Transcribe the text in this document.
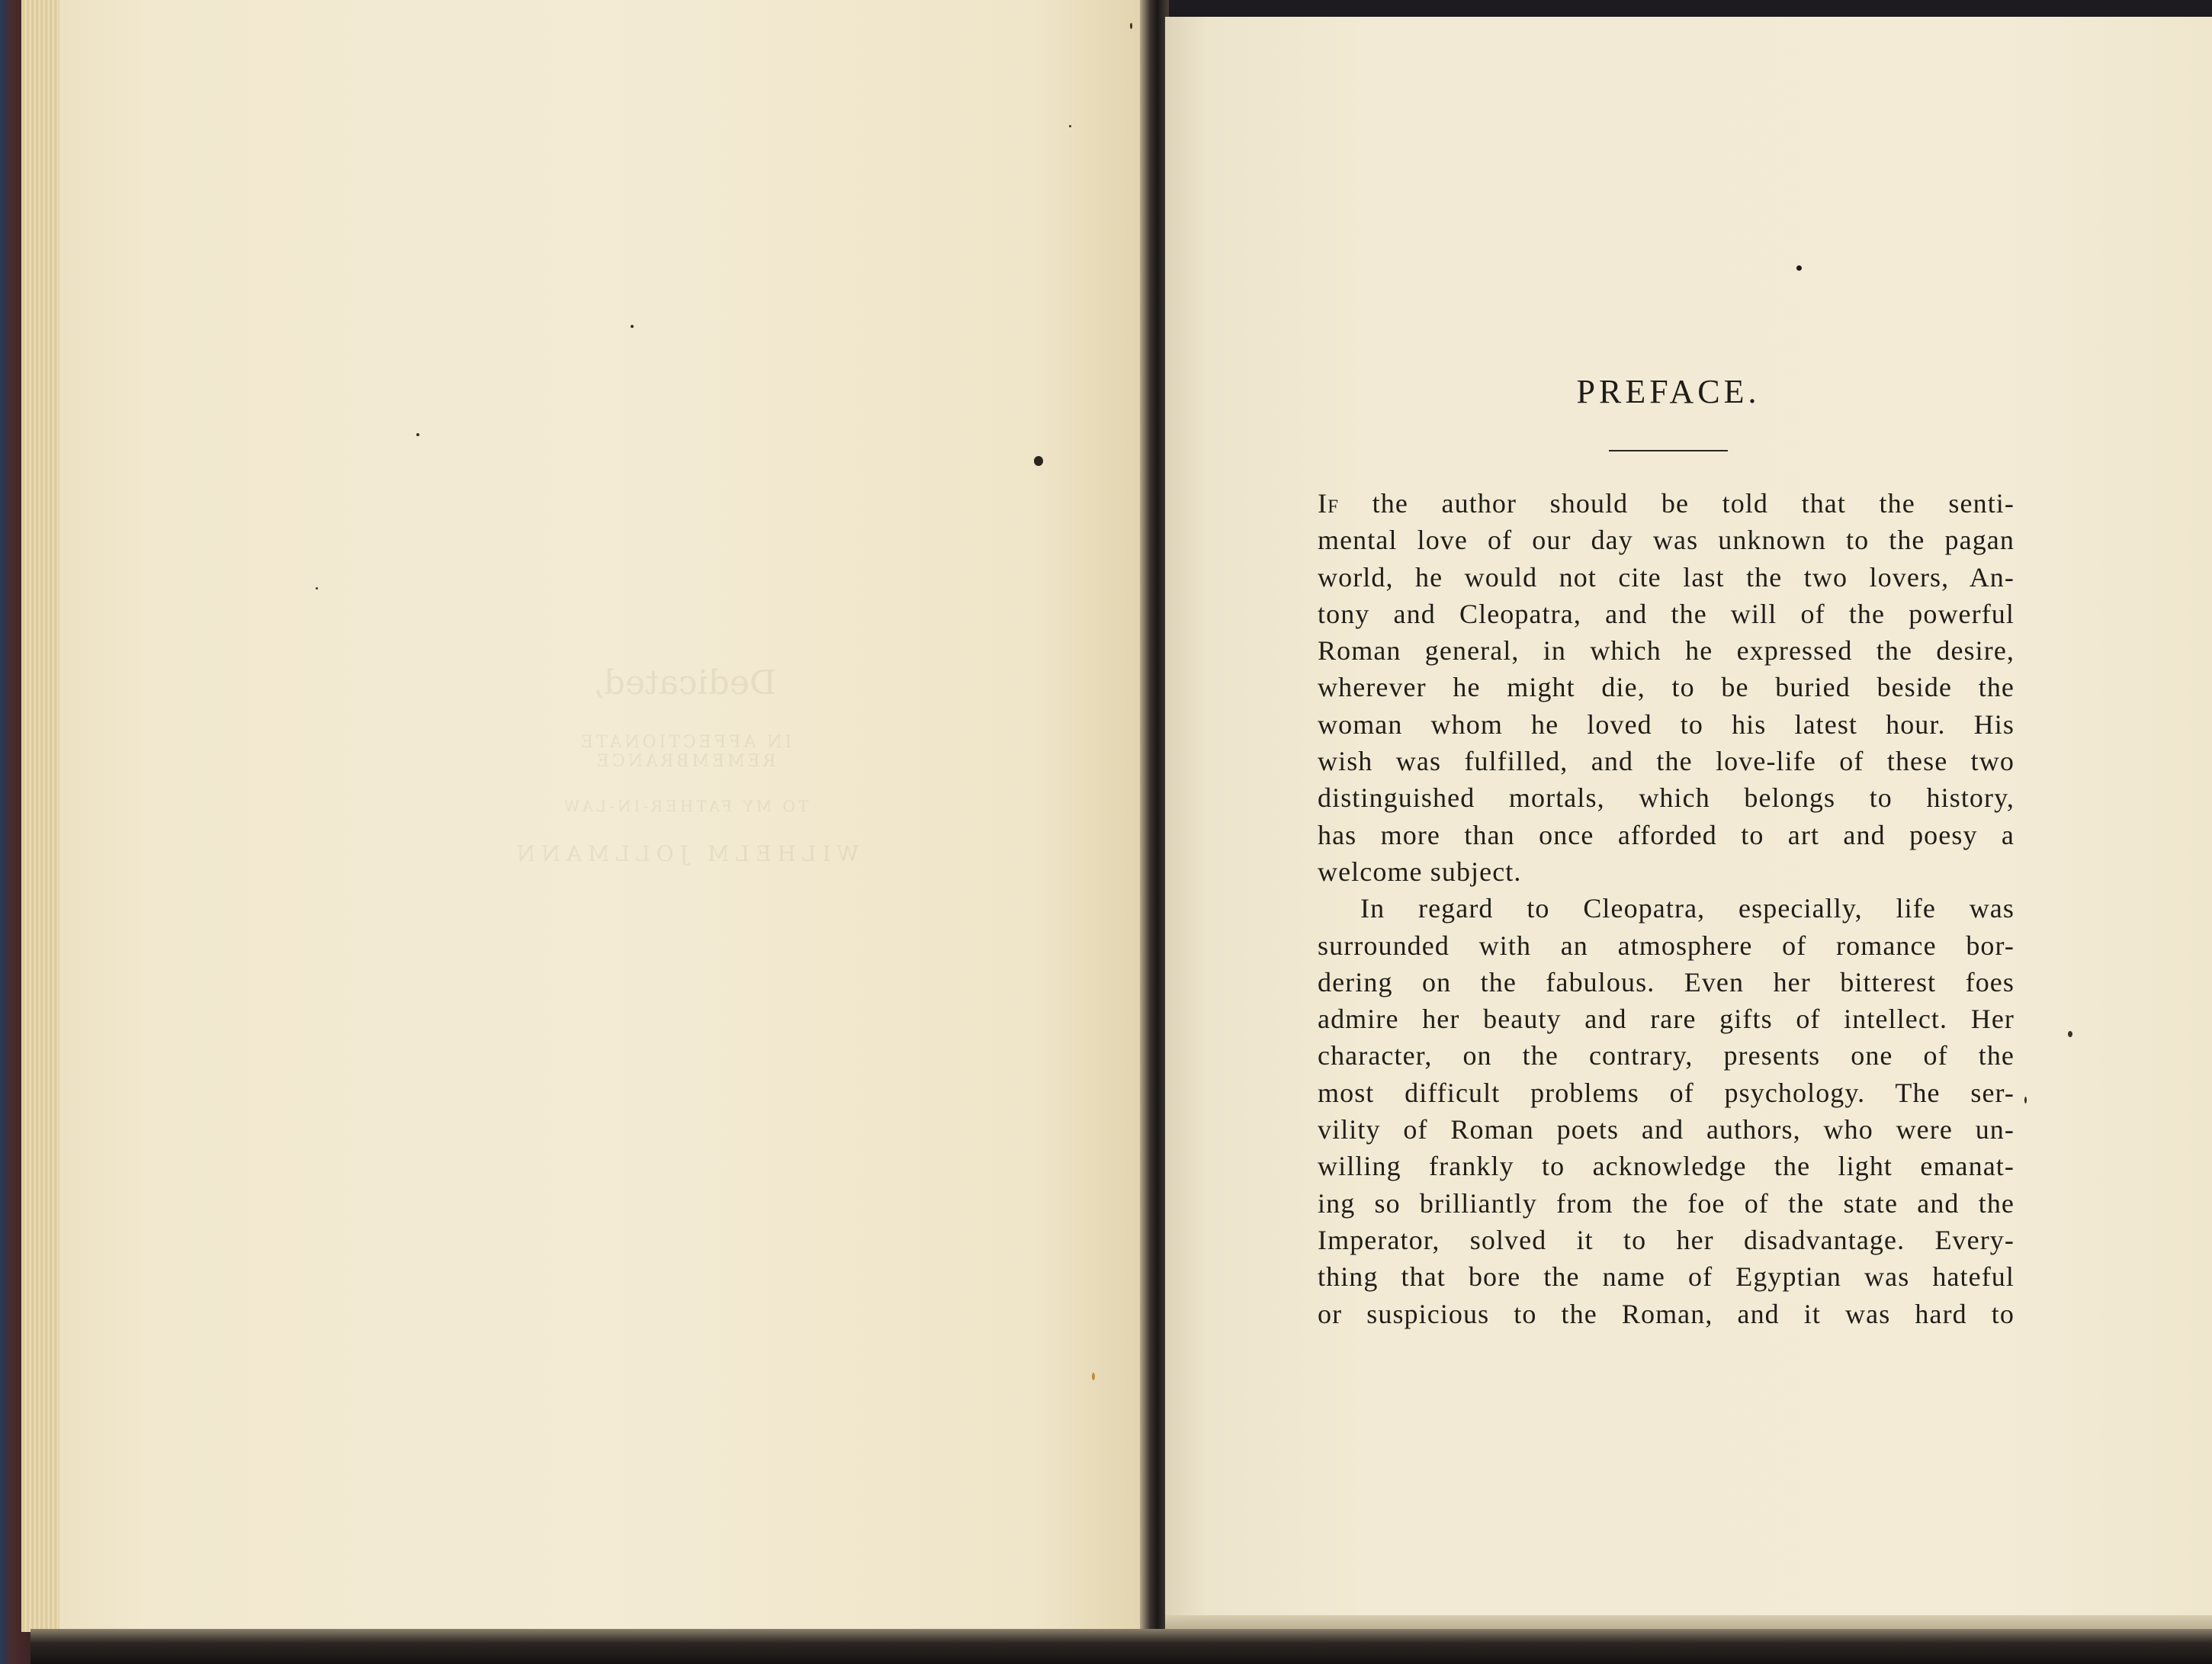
Dedicated,
IN AFFECTIONATE REMEMBRANCE
TO MY FATHER-IN-LAW
WILHELM JOLLMANN
PREFACE.
If the author should be told that the senti-
mental love of our day was unknown to the pagan
world, he would not cite last the two lovers, An-
tony and Cleopatra, and the will of the powerful
Roman general, in which he expressed the desire,
wherever he might die, to be buried beside the
woman whom he loved to his latest hour. His
wish was fulfilled, and the love-life of these two
distinguished mortals, which belongs to history,
has more than once afforded to art and poesy a
welcome subject.
In regard to Cleopatra, especially, life was
surrounded with an atmosphere of romance bor-
dering on the fabulous. Even her bitterest foes
admire her beauty and rare gifts of intellect. Her
character, on the contrary, presents one of the
most difficult problems of psychology. The ser-
vility of Roman poets and authors, who were un-
willing frankly to acknowledge the light emanat-
ing so brilliantly from the foe of the state and the
Imperator, solved it to her disadvantage. Every-
thing that bore the name of Egyptian was hateful
or suspicious to the Roman, and it was hard to
